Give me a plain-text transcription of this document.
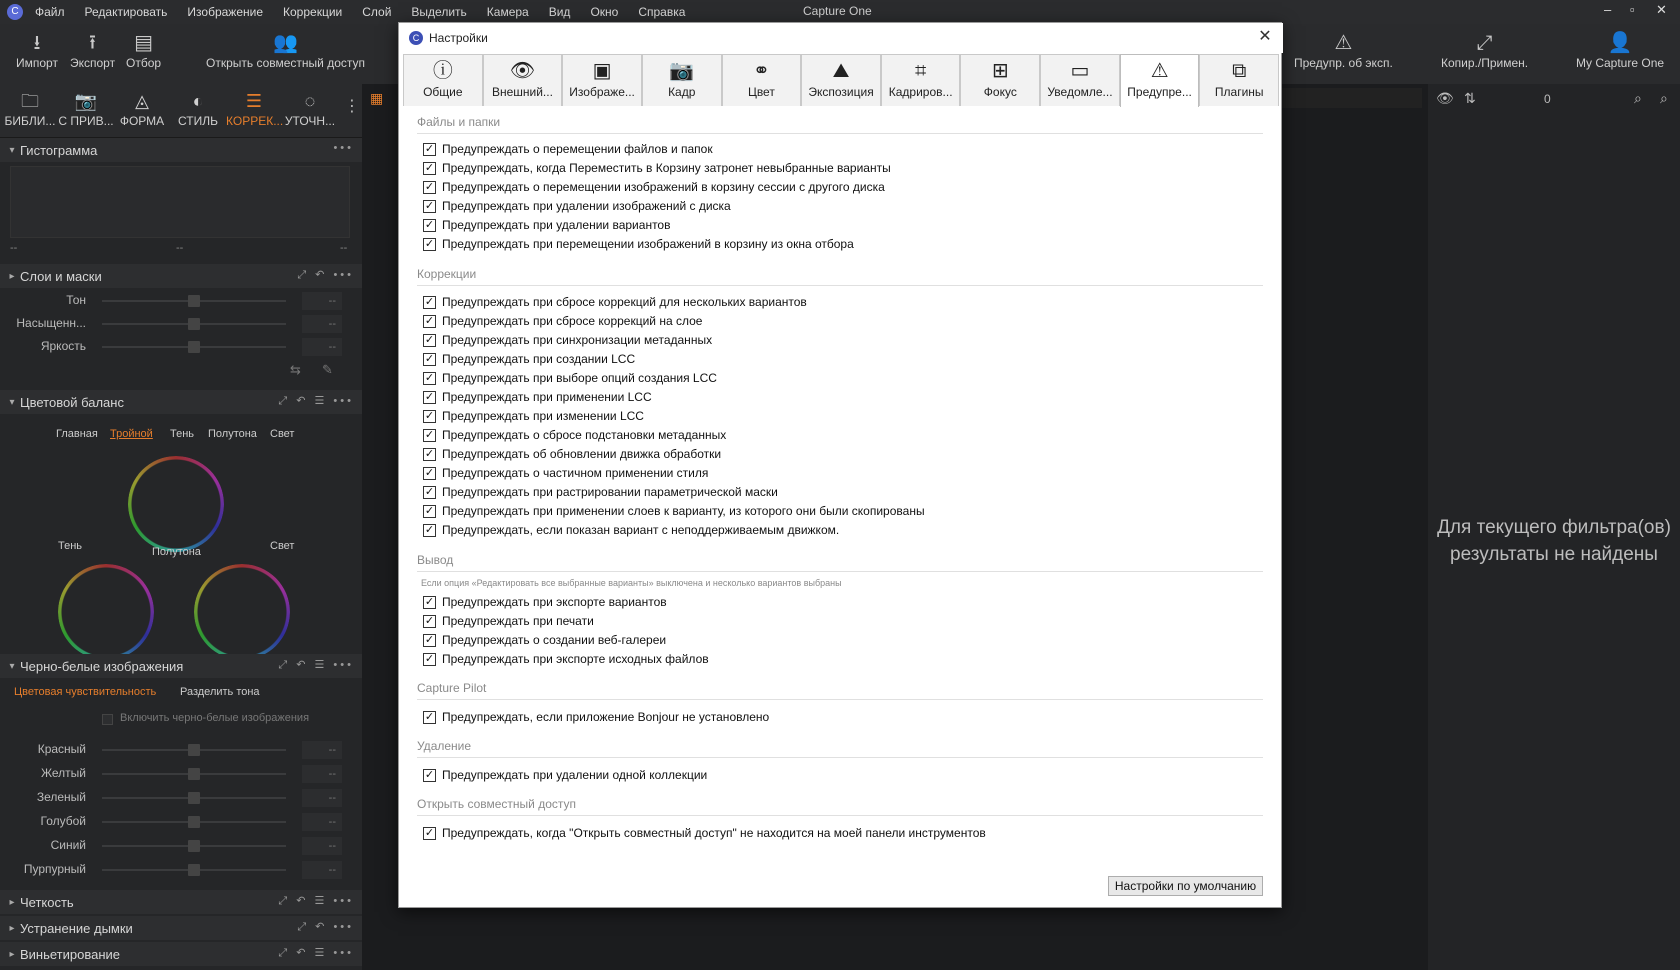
C	Файл Редактировать Изображение Коррекции Слой Выделить Камера Вид Окно Справка	Capture One	– ▫ ✕
⭳
Импорт
⭱
Экспорт
▤
Отбор
👥
Открыть совместный доступ
⚠
Предупр. об эксп.
⤢
Копир./Примен.
👤
My Capture One
🗀
БИБЛИ...
📷
С ПРИВ...
◬
ФОРМА
◐
СТИЛЬ
☰
КОРРЕК...
◌
УТОЧН...
⋮
▾ Гистограмма	•••
--	--	--
▸ Слои и маски	⤢ ↶ •••
Тон	--
Насыщенн...	--
Яркость	--
⇆ ✎
▾ Цветовой баланс	⤢ ↶ ☰ •••
Главная Тройной Тень Полутона Свет
Тень	Полутона	Свет
▾ Черно-белые изображения	⤢ ↶ ☰ •••
Цветовая чувствительность Разделить тона
Включить черно-белые изображения
Красный	--
Желтый	--
Зеленый	--
Голубой	--
Синий	--
Пурпурный	--
▸ Четкость	⤢ ↶ ☰ •••
▸ Устранение дымки	⤢ ↶ •••
▸ Виньетирование	⤢ ↶ ☰ •••
▦	👁 ⇅	0	⌕ ⌕
Для текущего фильтра(ов) результаты не найдены
C Настройки	✕
ⓘ
Общие
👁
Внешний...
▣
Изображе...
📷
Кадр
⚭
Цвет
⛰
Экспозиция
⌗
Кадриров...
⊞
Фокус
▭
Уведомле...
⚠
Предупре...
⧉
Плагины
Файлы и папки
✓ Предупреждать о перемещении файлов и папок
✓ Предупреждать, когда Переместить в Корзину затронет невыбранные варианты
✓ Предупреждать о перемещении изображений в корзину сессии с другого диска
✓ Предупреждать при удалении изображений с диска
✓ Предупреждать при удалении вариантов
✓ Предупреждать при перемещении изображений в корзину из окна отбора
Коррекции
✓ Предупреждать при сбросе коррекций для нескольких вариантов
✓ Предупреждать при сбросе коррекций на слое
✓ Предупреждать при синхронизации метаданных
✓ Предупреждать при создании LCC
✓ Предупреждать при выборе опций создания LCC
✓ Предупреждать при применении LCC
✓ Предупреждать при изменении LCC
✓ Предупреждать о сбросе подстановки метаданных
✓ Предупреждать об обновлении движка обработки
✓ Предупреждать о частичном применении стиля
✓ Предупреждать при растрировании параметрической маски
✓ Предупреждать при применении слоев к варианту, из которого они были скопированы
✓ Предупреждать, если показан вариант с неподдерживаемым движком.
Вывод
Если опция «Редактировать все выбранные варианты» выключена и несколько вариантов выбраны
✓ Предупреждать при экспорте вариантов
✓ Предупреждать при печати
✓ Предупреждать о создании веб-галереи
✓ Предупреждать при экспорте исходных файлов
Capture Pilot
✓ Предупреждать, если приложение Bonjour не установлено
Удаление
✓ Предупреждать при удалении одной коллекции
Открыть совместный доступ
✓ Предупреждать, когда "Открыть совместный доступ" не находится на моей панели инструментов
Настройки по умолчанию
